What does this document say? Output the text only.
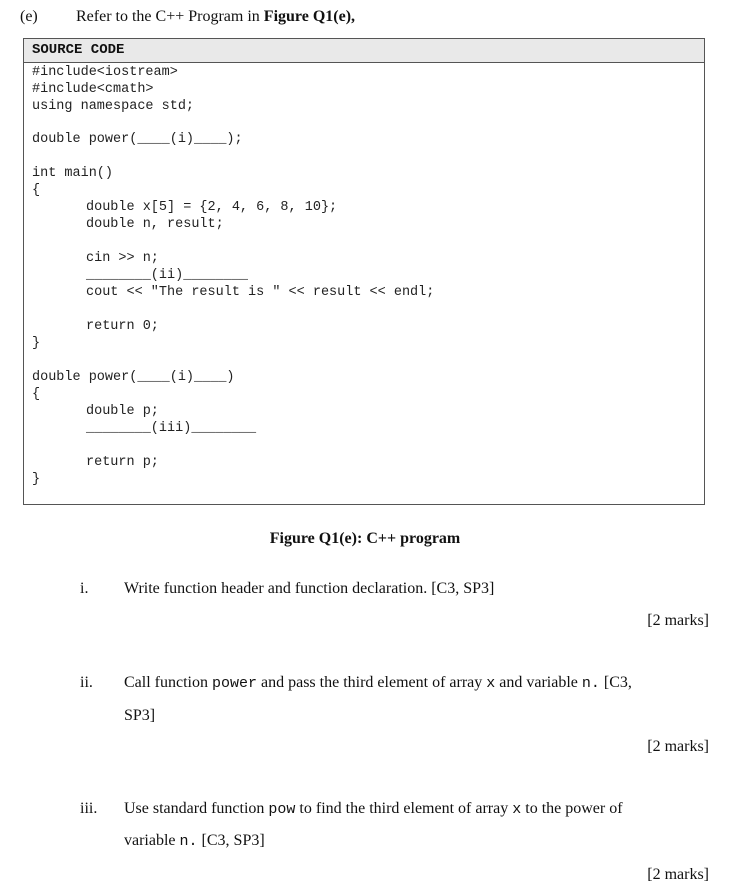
(e) Refer to the C++ Program in Figure Q1(e),
SOURCE CODE
#include<iostream>
#include<cmath>
using namespace std;
double power(____(i)____);
int main()
{
double x[5] = {2, 4, 6, 8, 10};
double n, result;
cin >> n;
________(ii)________
cout << "The result is " << result << endl;
return 0;
}
double power(____(i)____)
{
double p;
________(iii)________
return p;
}
Figure Q1(e): C++ program
i. Write function header and function declaration. [C3, SP3]
[2 marks]
ii. Call function power and pass the third element of array x and variable n. [C3,
SP3]
[2 marks]
iii. Use standard function pow to find the third element of array x to the power of
variable n. [C3, SP3]
[2 marks]
